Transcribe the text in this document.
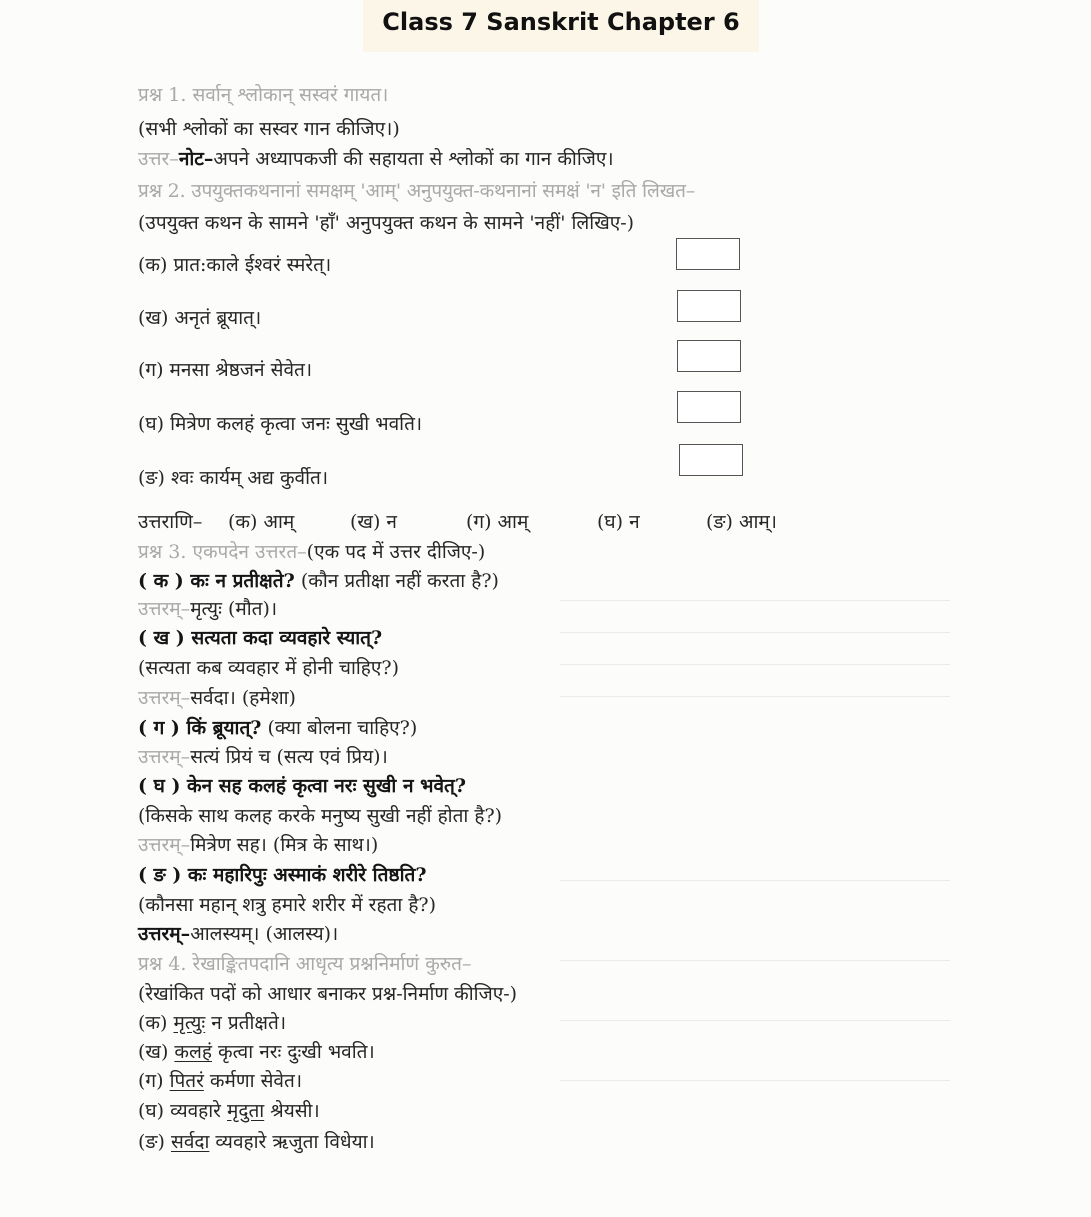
Class 7 Sanskrit Chapter 6
प्रश्न 1. सर्वान् श्लोकान् सस्वरं गायत।
(सभी श्लोकों का सस्वर गान कीजिए।)
उत्तर–नोट–अपने अध्यापकजी की सहायता से श्लोकों का गान कीजिए।
प्रश्न 2. उपयुक्तकथनानां समक्षम् 'आम्' अनुपयुक्त-कथनानां समक्षं 'न' इति लिखत–
(उपयुक्त कथन के सामने 'हाँ' अनुपयुक्त कथन के सामने 'नहीं' लिखिए-)
(क) प्रात:काले ईश्वरं स्मरेत्।
(ख) अनृतं ब्रूयात्।
(ग) मनसा श्रेष्ठजनं सेवेत।
(घ) मित्रेण कलहं कृत्वा जनः सुखी भवति।
(ङ) श्वः कार्यम् अद्य कुर्वीत।
उत्तराणि– (क) आम्	(ख) न	(ग) आम्	(घ) न	(ङ) आम्।
प्रश्न 3. एकपदेन उत्तरत–(एक पद में उत्तर दीजिए-)
( क ) कः न प्रतीक्षते? (कौन प्रतीक्षा नहीं करता है?)
उत्तरम्–मृत्युः (मौत)।
( ख ) सत्यता कदा व्यवहारे स्यात्?
(सत्यता कब व्यवहार में होनी चाहिए?)
उत्तरम्–सर्वदा। (हमेशा)
( ग ) किं ब्रूयात्? (क्या बोलना चाहिए?)
उत्तरम्–सत्यं प्रियं च (सत्य एवं प्रिय)।
( घ ) केन सह कलहं कृत्वा नरः सुखी न भवेत्?
(किसके साथ कलह करके मनुष्य सुखी नहीं होता है?)
उत्तरम्–मित्रेण सह। (मित्र के साथ।)
( ङ ) कः महारिपुः अस्माकं शरीरे तिष्ठति?
(कौनसा महान् शत्रु हमारे शरीर में रहता है?)
उत्तरम्–आलस्यम्। (आलस्य)।
प्रश्न 4. रेखाङ्कितपदानि आधृत्य प्रश्ननिर्माणं कुरुत–
(रेखांकित पदों को आधार बनाकर प्रश्न-निर्माण कीजिए-)
(क) मृत्युः न प्रतीक्षते।
(ख) कलहं कृत्वा नरः दुःखी भवति।
(ग) पितरं कर्मणा सेवेत।
(घ) व्यवहारे मृदुता श्रेयसी।
(ङ) सर्वदा व्यवहारे ऋजुता विधेया।
